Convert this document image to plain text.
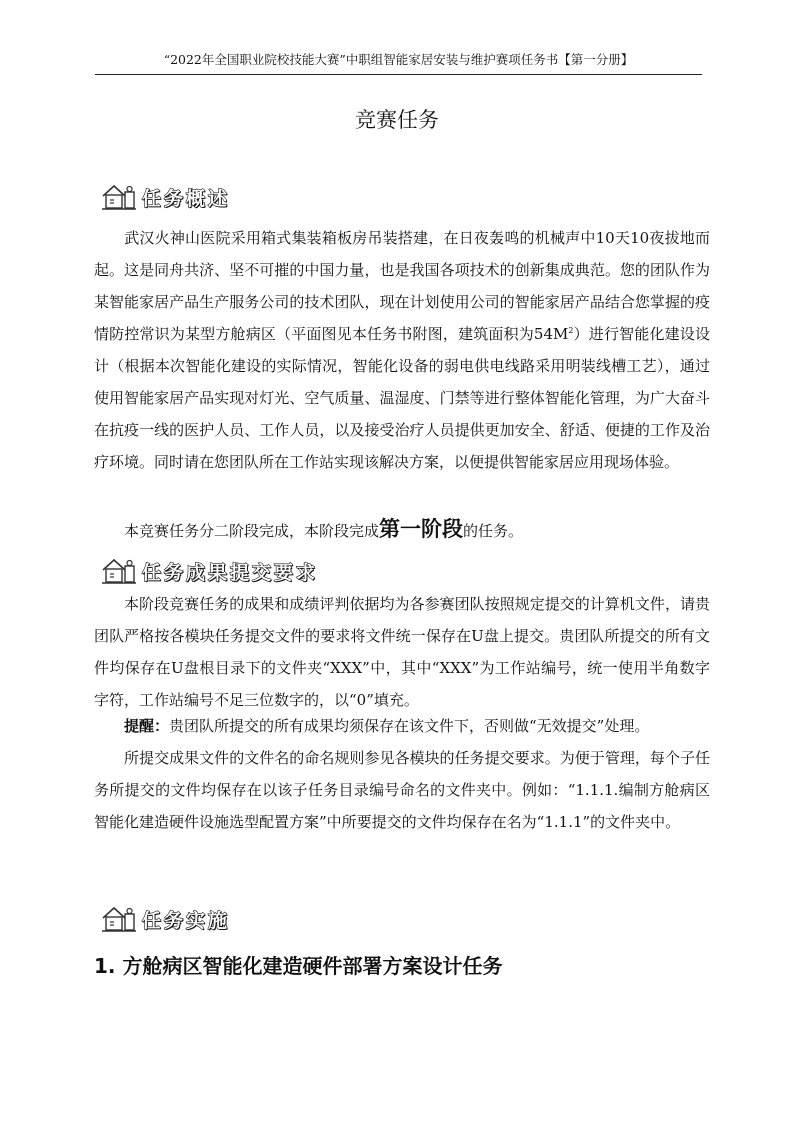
“2022年全国职业院校技能大赛”中职组智能家居安装与维护赛项任务书【第一分册】
竞赛任务
任务概述
武汉火神山医院采用箱式集装箱板房吊装搭建，在日夜轰鸣的机械声中10天10夜拔地而起。这是同舟共济、坚不可摧的中国力量，也是我国各项技术的创新集成典范。您的团队作为某智能家居产品生产服务公司的技术团队，现在计划使用公司的智能家居产品结合您掌握的疫情防控常识为某型方舱病区（平面图见本任务书附图，建筑面积为$54M^2$）进行智能化建设设计（根据本次智能化建设的实际情况，智能化设备的弱电供电线路采用明装线槽工艺），通过使用智能家居产品实现对灯光、空气质量、温湿度、门禁等进行整体智能化管理，为广大奋斗在抗疫一线的医护人员、工作人员，以及接受治疗人员提供更加安全、舒适、便捷的工作及治疗环境。同时请在您团队所在工作站实现该解决方案，以便提供智能家居应用现场体验。
本竞赛任务分二阶段完成，本阶段完成第一阶段的任务。
任务成果提交要求
本阶段竞赛任务的成果和成绩评判依据均为各参赛团队按照规定提交的计算机文件，请贵团队严格按各模块任务提交文件的要求将文件统一保存在U盘上提交。贵团队所提交的所有文件均保存在U盘根目录下的文件夹“XXX”中，其中“XXX”为工作站编号，统一使用半角数字字符，工作站编号不足三位数字的，以“0”填充。
提醒：贵团队所提交的所有成果均须保存在该文件下，否则做“无效提交”处理。
所提交成果文件的文件名的命名规则参见各模块的任务提交要求。为便于管理，每个子任务所提交的文件均保存在以该子任务目录编号命名的文件夹中。例如：“1.1.1.编制方舱病区智能化建造硬件设施选型配置方案”中所要提交的文件均保存在名为“1.1.1”的文件夹中。
任务实施
1. 方舱病区智能化建造硬件部署方案设计任务
